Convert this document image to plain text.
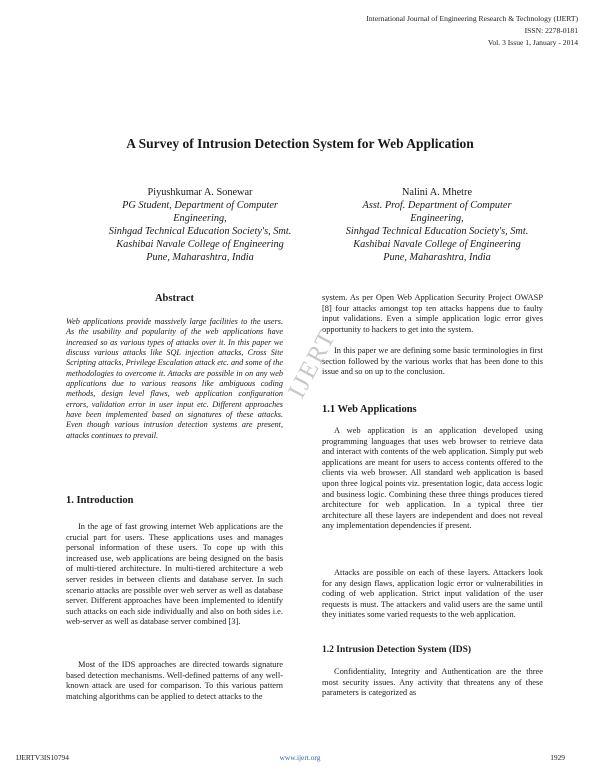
International Journal of Engineering Research & Technology (IJERT)
ISSN: 2278-0181
Vol. 3 Issue 1, January - 2014
A Survey of Intrusion Detection System for Web Application
Piyushkumar A. Sonewar
PG Student, Department of Computer
Engineering,
Sinhgad Technical Education Society's, Smt.
Kashibai Navale College of Engineering
Pune, Maharashtra, India
Nalini A. Mhetre
Asst. Prof. Department of Computer
Engineering,
Sinhgad Technical Education Society's, Smt.
Kashibai Navale College of Engineering
Pune, Maharashtra, India
Abstract
Web applications provide massively large facilities to the users. As the usability and popularity of the web applications have increased so as various types of attacks over it. In this paper we discuss various attacks like SQL injection attacks, Cross Site Scripting attacks, Privilege Escalation attack etc. and some of the methodologies to overcome it. Attacks are possible in on any web applications due to various reasons like ambiguous coding methods, design level flaws, web application configuration errors, validation error in user input etc. Different approaches have been implemented based on signatures of these attacks. Even though various intrusion detection systems are present, attacks continues to prevail.
1. Introduction
In the age of fast growing internet Web applications are the crucial part for users. These applications uses and manages personal information of these users. To cope up with this increased use, web applications are being designed on the basis of multi-tiered architecture. In multi-tiered architecture a web server resides in between clients and database server. In such scenario attacks are possible over web server as well as database server. Different approaches have been implemented to identify such attacks on each side individually and also on both sides i.e. web-server as well as database server combined [3].
Most of the IDS approaches are directed towards signature based detection mechanisms. Well-defined patterns of any well-known attack are used for comparison. To this various pattern matching algorithms can be applied to detect attacks to the
system. As per Open Web Application Security Project OWASP [8] four attacks amongst top ten attacks happens due to faulty input validations. Even a simple application logic error gives opportunity to hackers to get into the system.
In this paper we are defining some basic terminologies in first section followed by the various works that has been done to this issue and so on up to the conclusion.
1.1 Web Applications
A web application is an application developed using programming languages that uses web browser to retrieve data and interact with contents of the web application. Simply put web applications are meant for users to access contents offered to the clients via web browser. All standard web application is based upon three logical points viz. presentation logic, data access logic and business logic. Combining these three things produces tiered architecture for web application. In a typical three tier architecture all these layers are independent and does not reveal any implementation dependencies if present.
Attacks are possible on each of these layers. Attackers look for any design flaws, application logic error or vulnerabilities in coding of web application. Strict input validation of the user requests is must. The attackers and valid users are the same until they initiates some varied requests to the web application.
1.2 Intrusion Detection System (IDS)
Confidentiality, Integrity and Authentication are the three most security issues. Any activity that threatens any of these parameters is categorized as
IJERT
IJERTV3IS10794	www.ijert.org	1929
